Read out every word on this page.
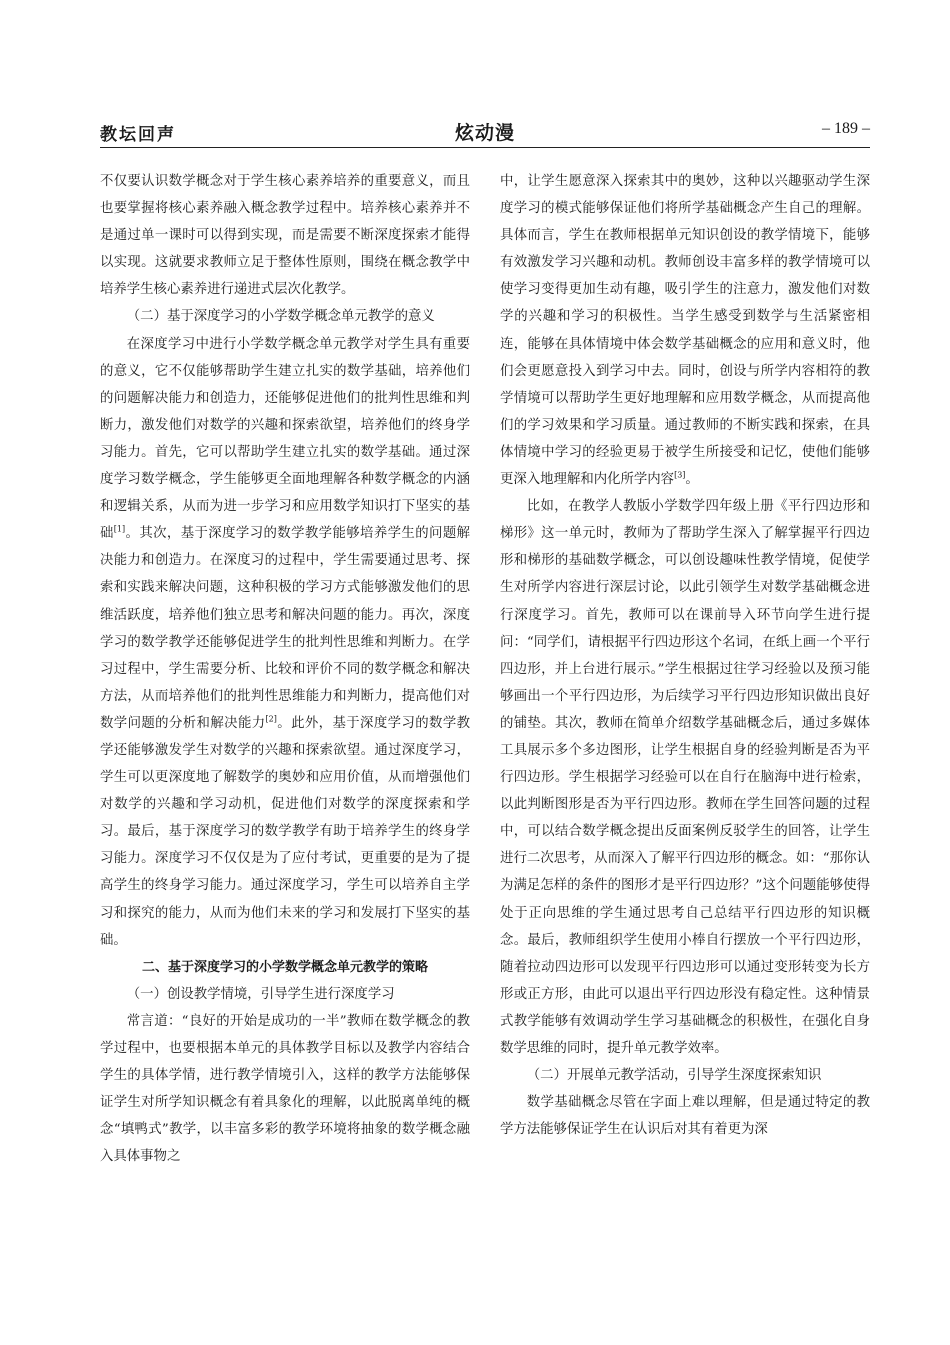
教坛回声	炫动漫	– 189 –

不仅要认识数学概念对于学生核心素养培养的重要意义，而且也要掌握将核心素养融入概念教学过程中。培养核心素养并不是通过单一课时可以得到实现，而是需要不断深度探索才能得以实现。这就要求教师立足于整体性原则，围绕在概念教学中培养学生核心素养进行递进式层次化教学。

（二）基于深度学习的小学数学概念单元教学的意义

在深度学习中进行小学数学概念单元教学对学生具有重要的意义，它不仅能够帮助学生建立扎实的数学基础，培养他们的问题解决能力和创造力，还能够促进他们的批判性思维和判断力，激发他们对数学的兴趣和探索欲望，培养他们的终身学习能力。首先，它可以帮助学生建立扎实的数学基础。通过深度学习数学概念，学生能够更全面地理解各种数学概念的内涵和逻辑关系，从而为进一步学习和应用数学知识打下坚实的基础[1]。其次，基于深度学习的数学教学能够培养学生的问题解决能力和创造力。在深度习的过程中，学生需要通过思考、探索和实践来解决问题，这种积极的学习方式能够激发他们的思维活跃度，培养他们独立思考和解决问题的能力。再次，深度学习的数学教学还能够促进学生的批判性思维和判断力。在学习过程中，学生需要分析、比较和评价不同的数学概念和解决方法，从而培养他们的批判性思维能力和判断力，提高他们对数学问题的分析和解决能力[2]。此外，基于深度学习的数学教学还能够激发学生对数学的兴趣和探索欲望。通过深度学习，学生可以更深度地了解数学的奥妙和应用价值，从而增强他们对数学的兴趣和学习动机，促进他们对数学的深度探索和学习。最后，基于深度学习的数学教学有助于培养学生的终身学习能力。深度学习不仅仅是为了应付考试，更重要的是为了提高学生的终身学习能力。通过深度学习，学生可以培养自主学习和探究的能力，从而为他们未来的学习和发展打下坚实的基础。

二、基于深度学习的小学数学概念单元教学的策略

（一）创设教学情境，引导学生进行深度学习

常言道：“良好的开始是成功的一半”教师在数学概念的教学过程中，也要根据本单元的具体教学目标以及教学内容结合学生的具体学情，进行教学情境引入，这样的教学方法能够保证学生对所学知识概念有着具象化的理解，以此脱离单纯的概念“填鸭式”教学，以丰富多彩的教学环境将抽象的数学概念融入具体事物之

中，让学生愿意深入探索其中的奥妙，这种以兴趣驱动学生深度学习的模式能够保证他们将所学基础概念产生自己的理解。具体而言，学生在教师根据单元知识创设的教学情境下，能够有效激发学习兴趣和动机。教师创设丰富多样的教学情境可以使学习变得更加生动有趣，吸引学生的注意力，激发他们对数学的兴趣和学习的积极性。当学生感受到数学与生活紧密相连，能够在具体情境中体会数学基础概念的应用和意义时，他们会更愿意投入到学习中去。同时，创设与所学内容相符的教学情境可以帮助学生更好地理解和应用数学概念，从而提高他们的学习效果和学习质量。通过教师的不断实践和探索，在具体情境中学习的经验更易于被学生所接受和记忆，使他们能够更深入地理解和内化所学内容[3]。

比如，在教学人教版小学数学四年级上册《平行四边形和梯形》这一单元时，教师为了帮助学生深入了解掌握平行四边形和梯形的基础数学概念，可以创设趣味性教学情境，促使学生对所学内容进行深层讨论，以此引领学生对数学基础概念进行深度学习。首先，教师可以在课前导入环节向学生进行提问：“同学们，请根据平行四边形这个名词，在纸上画一个平行四边形，并上台进行展示。”学生根据过往学习经验以及预习能够画出一个平行四边形，为后续学习平行四边形知识做出良好的铺垫。其次，教师在简单介绍数学基础概念后，通过多媒体工具展示多个多边图形，让学生根据自身的经验判断是否为平行四边形。学生根据学习经验可以在自行在脑海中进行检索，以此判断图形是否为平行四边形。教师在学生回答问题的过程中，可以结合数学概念提出反面案例反驳学生的回答，让学生进行二次思考，从而深入了解平行四边形的概念。如：“那你认为满足怎样的条件的图形才是平行四边形？”这个问题能够使得处于正向思维的学生通过思考自己总结平行四边形的知识概念。最后，教师组织学生使用小棒自行摆放一个平行四边形，随着拉动四边形可以发现平行四边形可以通过变形转变为长方形或正方形，由此可以退出平行四边形没有稳定性。这种情景式教学能够有效调动学生学习基础概念的积极性，在强化自身数学思维的同时，提升单元教学效率。

（二）开展单元教学活动，引导学生深度探索知识

数学基础概念尽管在字面上难以理解，但是通过特定的教学方法能够保证学生在认识后对其有着更为深
